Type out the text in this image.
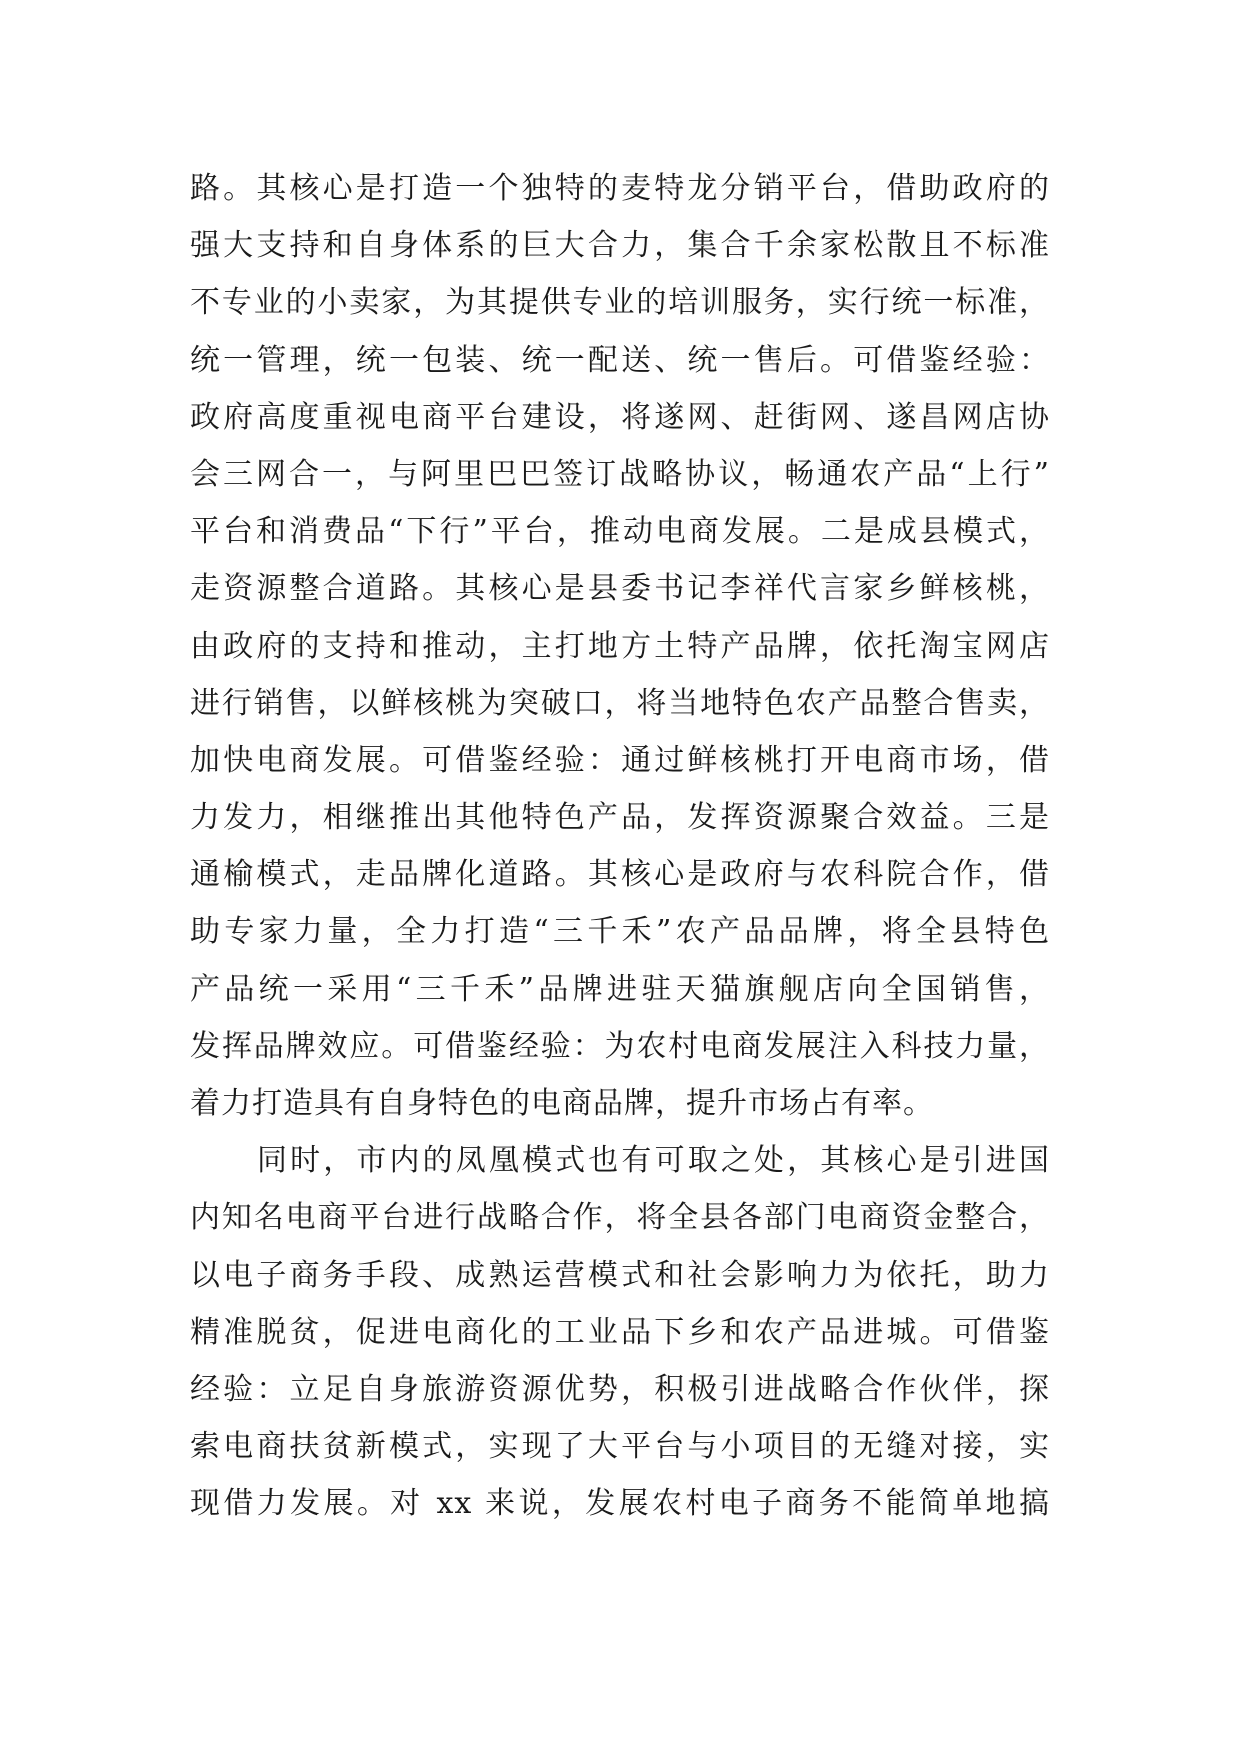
路。其核心是打造一个独特的麦特龙分销平台，借助政府的
强大支持和自身体系的巨大合力，集合千余家松散且不标准
不专业的小卖家，为其提供专业的培训服务，实行统一标准，
统一管理，统一包装、统一配送、统一售后。可借鉴经验：
政府高度重视电商平台建设，将遂网、赶街网、遂昌网店协
会三网合一，与阿里巴巴签订战略协议，畅通农产品“上行”
平台和消费品“下行”平台，推动电商发展。二是成县模式，
走资源整合道路。其核心是县委书记李祥代言家乡鲜核桃，
由政府的支持和推动，主打地方土特产品牌，依托淘宝网店
进行销售，以鲜核桃为突破口，将当地特色农产品整合售卖，
加快电商发展。可借鉴经验：通过鲜核桃打开电商市场，借
力发力，相继推出其他特色产品，发挥资源聚合效益。三是
通榆模式，走品牌化道路。其核心是政府与农科院合作，借
助专家力量，全力打造“三千禾”农产品品牌，将全县特色
产品统一采用“三千禾”品牌进驻天猫旗舰店向全国销售，
发挥品牌效应。可借鉴经验：为农村电商发展注入科技力量，
着力打造具有自身特色的电商品牌，提升市场占有率。
同时，市内的凤凰模式也有可取之处，其核心是引进国
内知名电商平台进行战略合作，将全县各部门电商资金整合，
以电子商务手段、成熟运营模式和社会影响力为依托，助力
精准脱贫，促进电商化的工业品下乡和农产品进城。可借鉴
经验：立足自身旅游资源优势，积极引进战略合作伙伴，探
索电商扶贫新模式，实现了大平台与小项目的无缝对接，实
现借力发展。对 xx 来说，发展农村电子商务不能简单地搞
